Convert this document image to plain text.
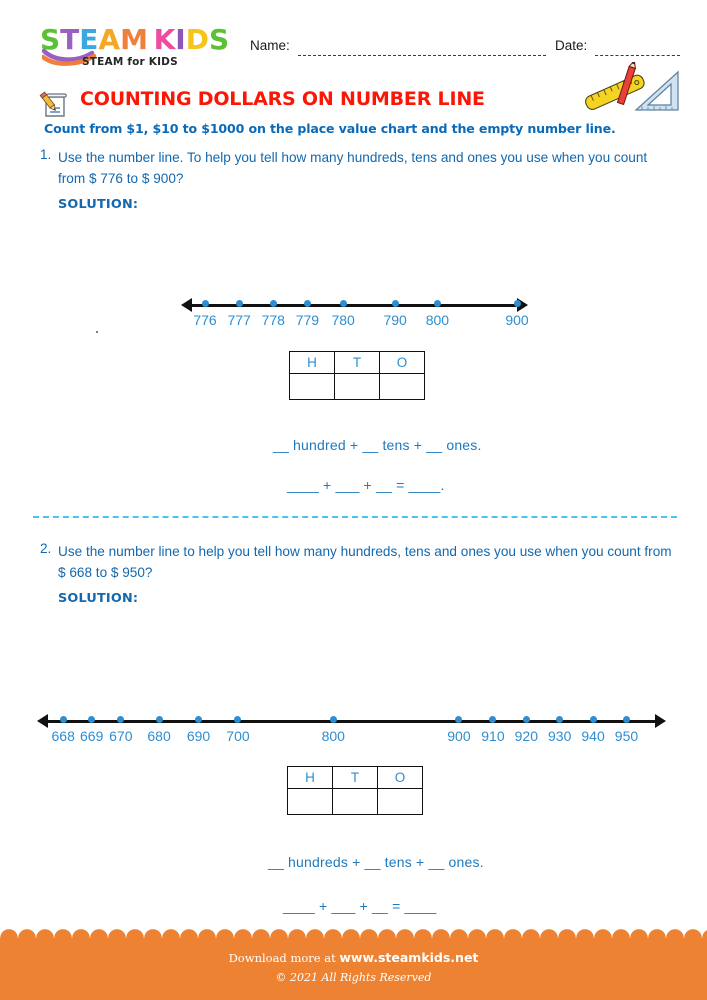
STEAM  KIDS
STEAM for KIDS
Name:	Date:
COUNTING DOLLARS ON NUMBER LINE
Count from $1, $10 to $1000 on the place value chart and the empty number line.
1. Use the number line. To help you tell how many hundreds, tens and ones you use when you count from $ 776 to $ 900?
SOLUTION:
776 777 778 779 780 790 800	900
H	T	O

__ hundred + __ tens + __ ones.
____ + ___ + __ = ____.
2. Use the number line to help you tell how many hundreds, tens and ones you use when you count from $ 668 to $ 950?
SOLUTION:
668 669 670 680 690 700	800	900 910 920 930 940 950
H	T	O

__ hundreds + __ tens + __ ones.
____ + ___ + __ = ____
Download more at www.steamkids.net
© 2021 All Rights Reserved
